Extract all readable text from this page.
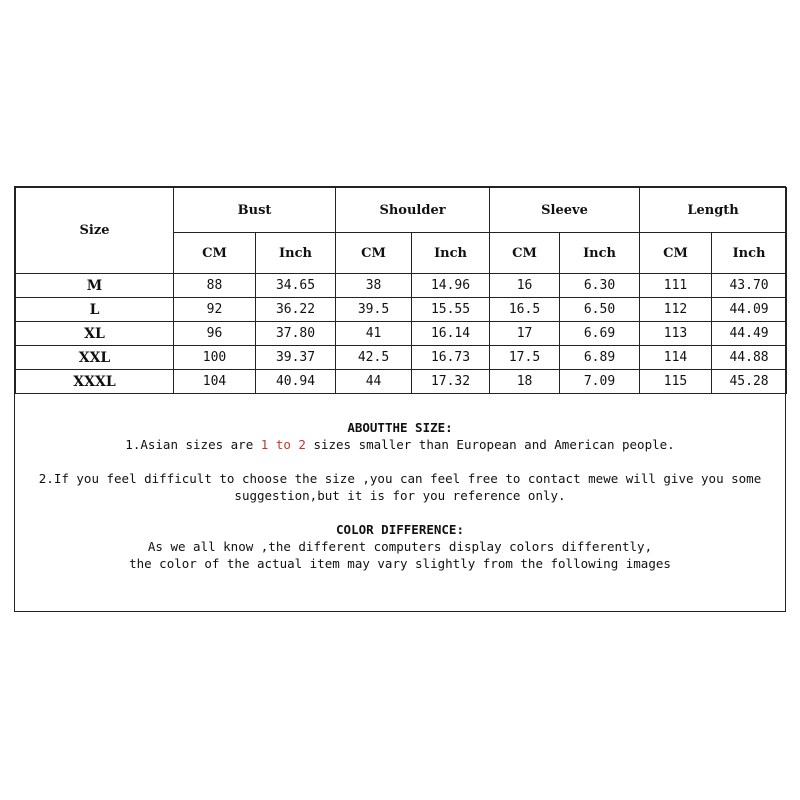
Size	Bust		Shoulder		Sleeve		Length	
	CM	Inch	CM	Inch	CM	Inch	CM	Inch
M	88	34.65	38	14.96	16	6.30	111	43.70
L	92	36.22	39.5	15.55	16.5	6.50	112	44.09
XL	96	37.80	41	16.14	17	6.69	113	44.49
XXL	100	39.37	42.5	16.73	17.5	6.89	114	44.88
XXXL	104	40.94	44	17.32	18	7.09	115	45.28
ABOUTTHE SIZE:
1.Asian sizes are 1 to 2 sizes smaller than European and American people.
2.If you feel difficult to choose the size ,you can feel free to contact mewe will give you some
suggestion,but it is for you reference only.
COLOR DIFFERENCE:
As we all know ,the different computers display colors differently,
the color of the actual item may vary slightly from the following images
